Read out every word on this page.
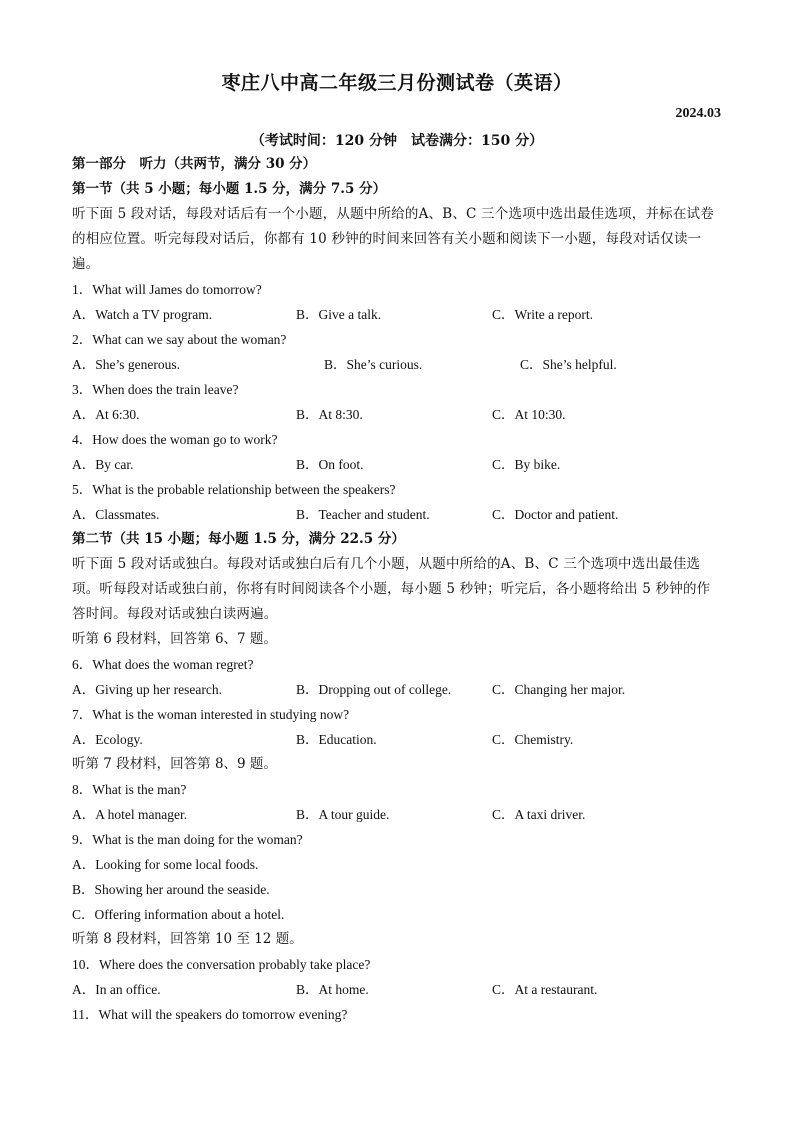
枣庄八中高二年级三月份测试卷（英语）
2024.03
（考试时间：120 分钟　试卷满分：150 分）
第一部分　听力（共两节，满分 30 分）
第一节（共 5 小题；每小题 1.5 分，满分 7.5 分）
听下面 5 段对话，每段对话后有一个小题，从题中所给的A、B、C 三个选项中选出最佳选项，并标在试卷的相应位置。听完每段对话后，你都有 10 秒钟的时间来回答有关小题和阅读下一小题，每段对话仅读一遍。
1．What will James do tomorrow?
A．Watch a TV program.	B．Give a talk.	C．Write a report.
2．What can we say about the woman?
A．She’s generous.	B．She’s curious.	C．She’s helpful.
3．When does the train leave?
A．At 6:30.	B．At 8:30.	C．At 10:30.
4．How does the woman go to work?
A．By car.	B．On foot.	C．By bike.
5．What is the probable relationship between the speakers?
A．Classmates.	B．Teacher and student.	C．Doctor and patient.
第二节（共 15 小题；每小题 1.5 分，满分 22.5 分）
听下面 5 段对话或独白。每段对话或独白后有几个小题，从题中所给的A、B、C 三个选项中选出最佳选项。听每段对话或独白前，你将有时间阅读各个小题，每小题 5 秒钟；听完后，各小题将给出 5 秒钟的作答时间。每段对话或独白读两遍。
听第 6 段材料，回答第 6、7 题。
6．What does the woman regret?
A．Giving up her research.	B．Dropping out of college.	C．Changing her major.
7．What is the woman interested in studying now?
A．Ecology.	B．Education.	C．Chemistry.
听第 7 段材料，回答第 8、9 题。
8．What is the man?
A．A hotel manager.	B．A tour guide.	C．A taxi driver.
9．What is the man doing for the woman?
A．Looking for some local foods.
B．Showing her around the seaside.
C．Offering information about a hotel.
听第 8 段材料，回答第 10 至 12 题。
10．Where does the conversation probably take place?
A．In an office.	B．At home.	C．At a restaurant.
11．What will the speakers do tomorrow evening?
